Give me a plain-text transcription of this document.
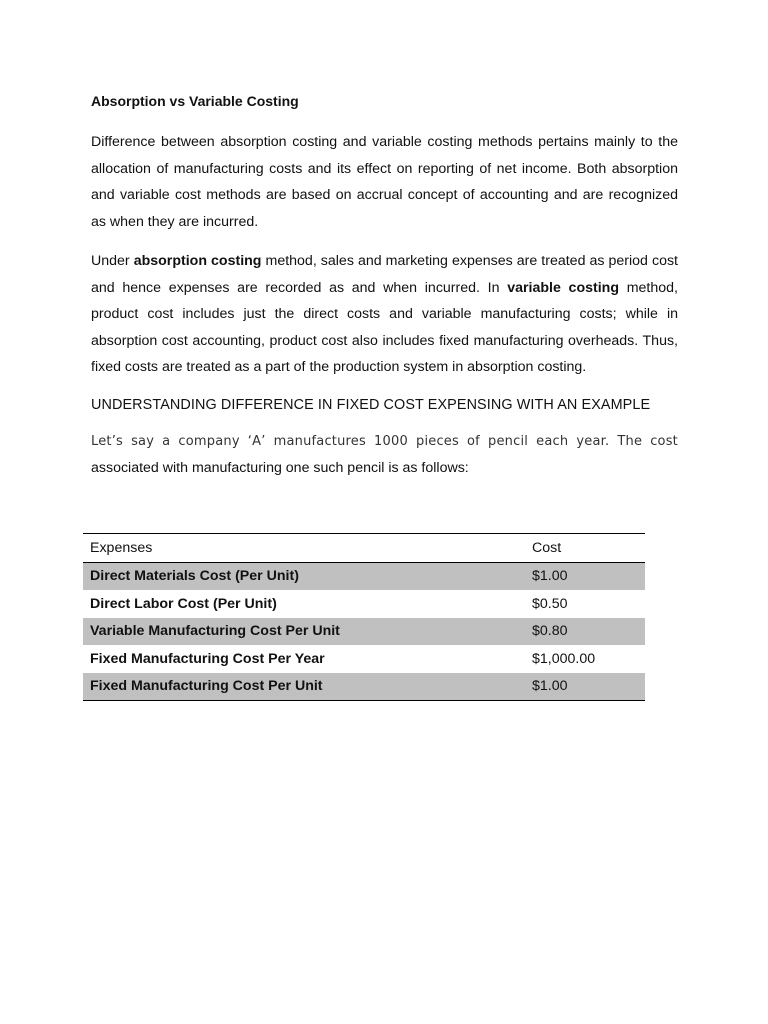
Absorption vs Variable Costing

Difference between absorption costing and variable costing methods pertains mainly to the allocation of manufacturing costs and its effect on reporting of net income. Both absorption and variable cost methods are based on accrual concept of accounting and are recognized as when they are incurred.

Under absorption costing method, sales and marketing expenses are treated as period cost and hence expenses are recorded as and when incurred. In variable costing method, product cost includes just the direct costs and variable manufacturing costs; while in absorption cost accounting, product cost also includes fixed manufacturing overheads. Thus, fixed costs are treated as a part of the production system in absorption costing.

UNDERSTANDING DIFFERENCE IN FIXED COST EXPENSING WITH AN EXAMPLE

Let’s say a company ‘A’ manufactures 1000 pieces of pencil each year. The cost associated with manufacturing one such pencil is as follows:

Expenses	Cost
Direct Materials Cost (Per Unit)	$1.00
Direct Labor Cost (Per Unit)	$0.50
Variable Manufacturing Cost Per Unit	$0.80
Fixed Manufacturing Cost Per Year	$1,000.00
Fixed Manufacturing Cost Per Unit	$1.00
